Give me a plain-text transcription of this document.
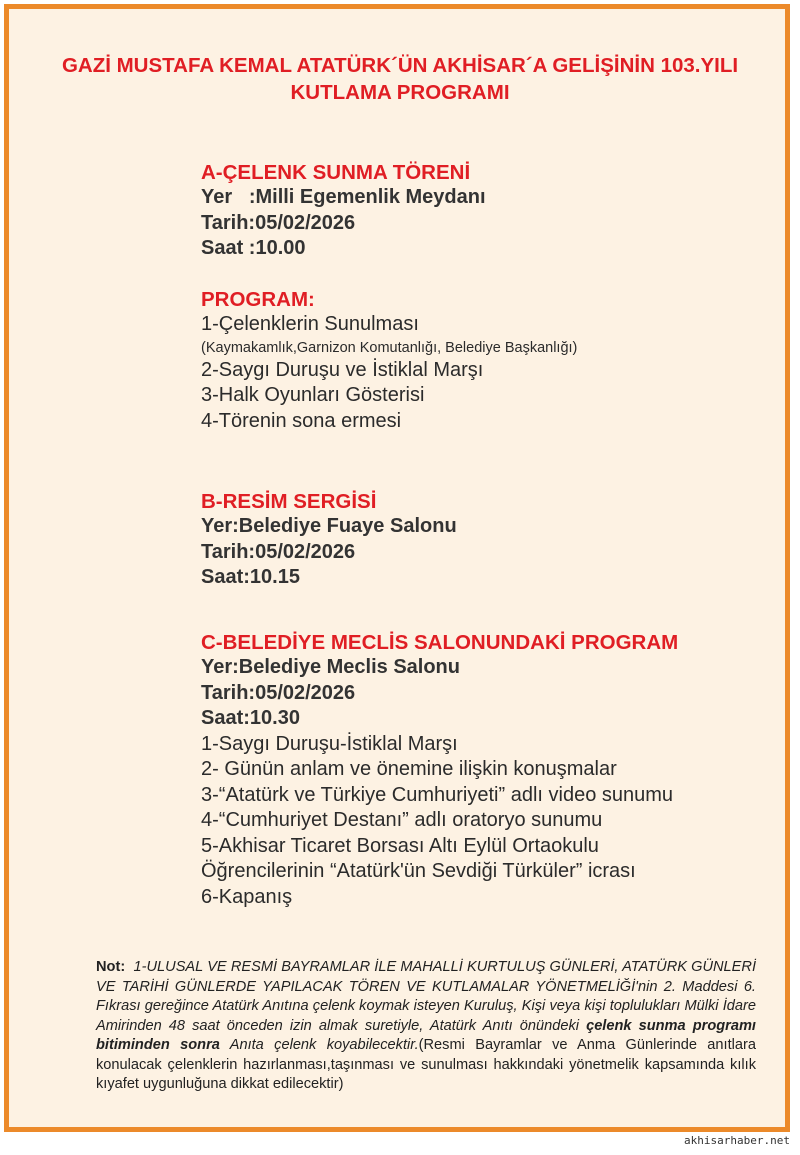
GAZİ MUSTAFA KEMAL ATATÜRK´ÜN AKHİSAR´A GELİŞİNİN 103.YILI
KUTLAMA PROGRAMI
A-ÇELENK SUNMA TÖRENİ
Yer   :Milli Egemenlik Meydanı
Tarih:05/02/2026
Saat :10.00
PROGRAM:
1-Çelenklerin Sunulması
(Kaymakamlık,Garnizon Komutanlığı, Belediye Başkanlığı)
2-Saygı Duruşu ve İstiklal Marşı
3-Halk Oyunları Gösterisi
4-Törenin sona ermesi
B-RESİM SERGİSİ
Yer:Belediye Fuaye Salonu
Tarih:05/02/2026
Saat:10.15
C-BELEDİYE MECLİS SALONUNDAKİ PROGRAM
Yer:Belediye Meclis Salonu
Tarih:05/02/2026
Saat:10.30
1-Saygı Duruşu-İstiklal Marşı
2- Günün anlam ve önemine ilişkin konuşmalar
3-“Atatürk ve Türkiye Cumhuriyeti” adlı video sunumu
4-“Cumhuriyet Destanı” adlı oratoryo sunumu
5-Akhisar Ticaret Borsası Altı Eylül Ortaokulu
Öğrencilerinin “Atatürk'ün Sevdiği Türküler” icrası
6-Kapanış
Not: 1-ULUSAL VE RESMİ BAYRAMLAR İLE MAHALLİ KURTULUŞ GÜNLERİ, ATATÜRK GÜNLERİ VE TARİHİ GÜNLERDE YAPILACAK TÖREN VE KUTLAMALAR YÖNETMELİĞİ'nin 2. Maddesi 6. Fıkrası gereğince Atatürk Anıtına çelenk koymak isteyen Kuruluş, Kişi veya kişi toplulukları Mülki İdare Amirinden 48 saat önceden izin almak suretiyle, Atatürk Anıtı önündeki çelenk sunma programı bitiminden sonra Anıta çelenk koyabilecektir.(Resmi Bayramlar ve Anma Günlerinde anıtlara konulacak çelenklerin hazırlanması,taşınması ve sunulması hakkındaki yönetmelik kapsamında kılık kıyafet uygunluğuna dikkat edilecektir)
akhisarhaber.net
